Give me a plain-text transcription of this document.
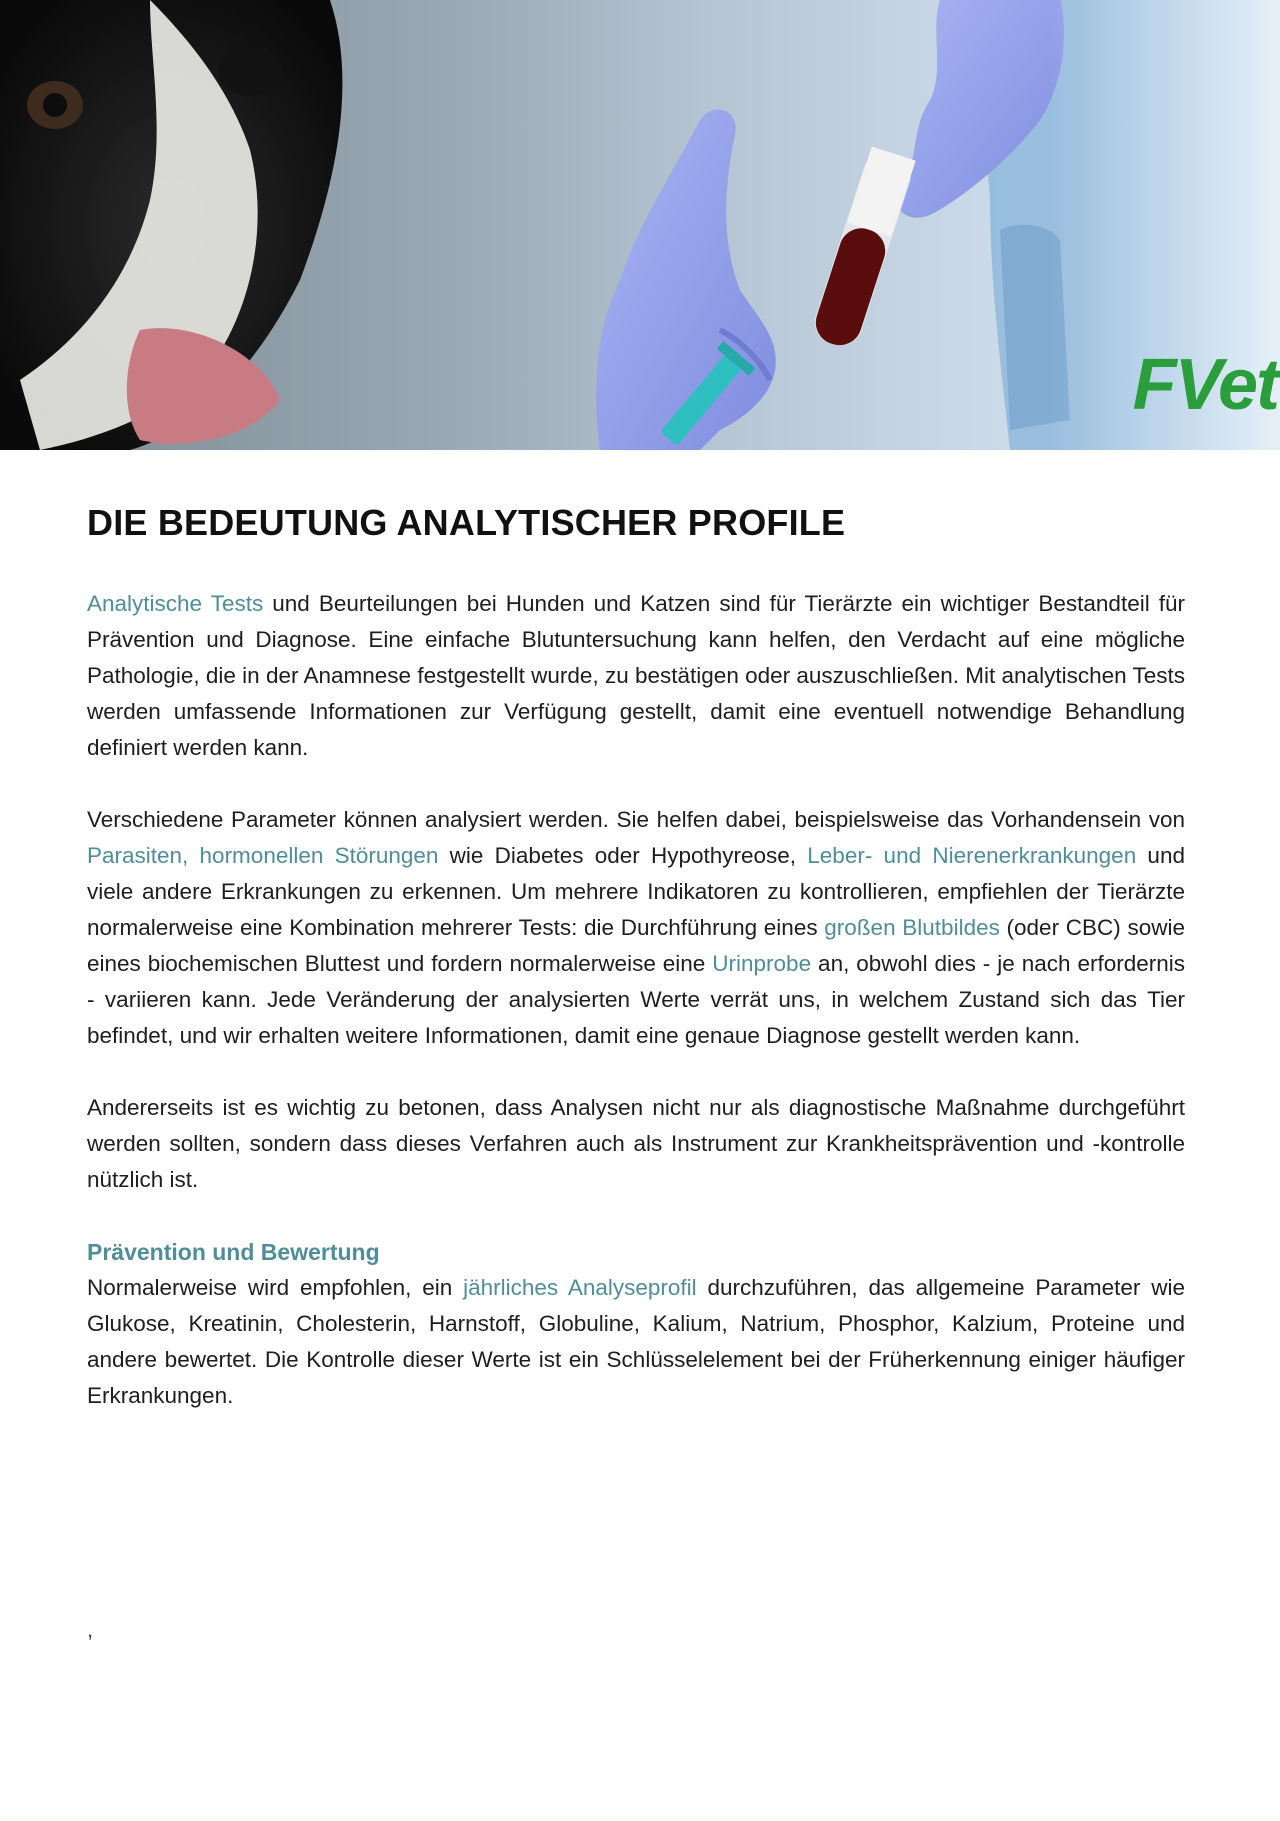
FVet
DIE BEDEUTUNG ANALYTISCHER PROFILE

Analytische Tests und Beurteilungen bei Hunden und Katzen sind für Tierärzte ein wichtiger Bestandteil für Prävention und Diagnose. Eine einfache Blutuntersuchung kann helfen, den Verdacht auf eine mögliche Pathologie, die in der Anamnese festgestellt wurde, zu bestätigen oder auszuschließen. Mit analytischen Tests werden umfassende Informationen zur Verfügung gestellt, damit eine eventuell notwendige Behandlung definiert werden kann.

Verschiedene Parameter können analysiert werden. Sie helfen dabei, beispielsweise das Vorhandensein von Parasiten, hormonellen Störungen wie Diabetes oder Hypothyreose, Leber- und Nierenerkrankungen und viele andere Erkrankungen zu erkennen. Um mehrere Indikatoren zu kontrollieren, empfiehlen der Tierärzte normalerweise eine Kombination mehrerer Tests: die Durchführung eines großen Blutbildes (oder CBC) sowie eines biochemischen Bluttest und fordern normalerweise eine Urinprobe an, obwohl dies - je nach erfordernis - variieren kann. Jede Veränderung der analysierten Werte verrät uns, in welchem Zustand sich das Tier befindet, und wir erhalten weitere Informationen, damit eine genaue Diagnose gestellt werden kann.

Andererseits ist es wichtig zu betonen, dass Analysen nicht nur als diagnostische Maßnahme durchgeführt werden sollten, sondern dass dieses Verfahren auch als Instrument zur Krankheitsprävention und -kontrolle nützlich ist.

Prävention und Bewertung

Normalerweise wird empfohlen, ein jährliches Analyseprofil durchzuführen, das allgemeine Parameter wie Glukose, Kreatinin, Cholesterin, Harnstoff, Globuline, Kalium, Natrium, Phosphor, Kalzium, Proteine und andere bewertet. Die Kontrolle dieser Werte ist ein Schlüsselelement bei der Früherkennung einiger häufiger Erkrankungen.

,
